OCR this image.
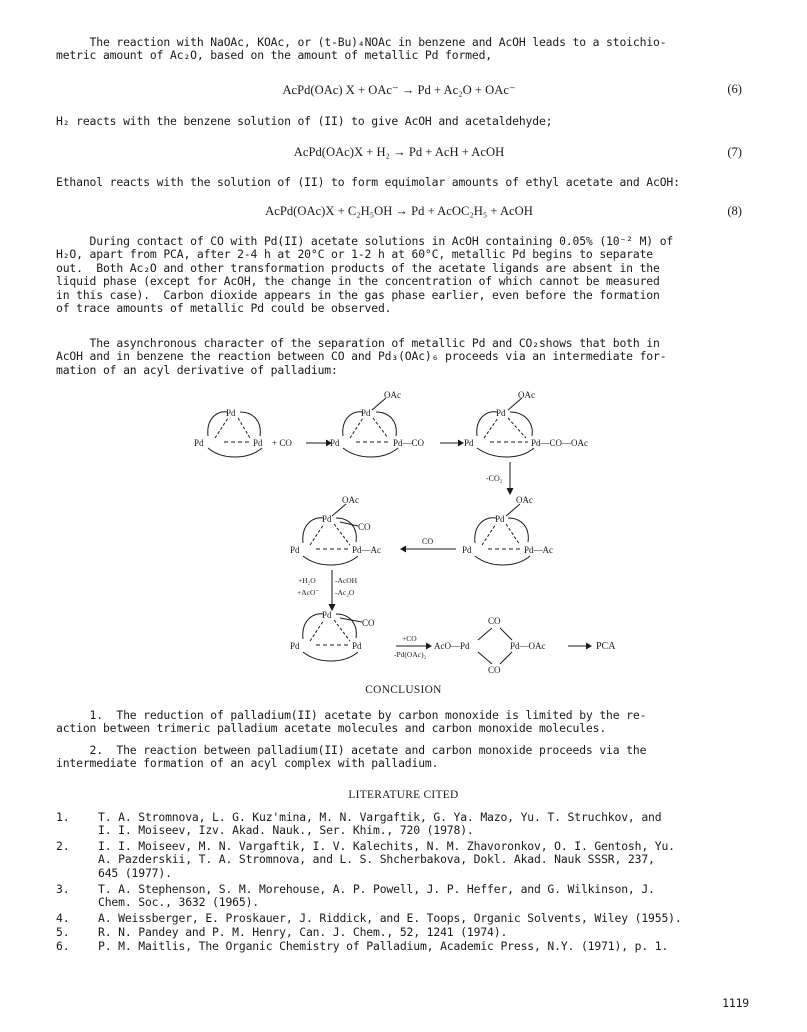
The reaction with NaOAc, KOAc, or (t-Bu)₄NOAc in benzene and AcOH leads to a stoichio-
metric amount of Ac₂O, based on the amount of metallic Pd formed,
AcPd(OAc) X + OAc⁻ → Pd + Ac₂O + OAc⁻	(6)
H₂ reacts with the benzene solution of (II) to give AcOH and acetaldehyde;
AcPd(OAc)X + H₂ → Pd + AcH + AcOH	(7)
Ethanol reacts with the solution of (II) to form equimolar amounts of ethyl acetate and AcOH:
AcPd(OAc)X + C₂H₅OH → Pd + AcOC₂H₅ + AcOH	(8)
During contact of CO with Pd(II) acetate solutions in AcOH containing 0.05% (10⁻² M) of
H₂O, apart from PCA, after 2-4 h at 20°C or 1-2 h at 60°C, metallic Pd begins to separate
out.  Both Ac₂O and other transformation products of the acetate ligands are absent in the
liquid phase (except for AcOH, the change in the concentration of which cannot be measured
in this case).  Carbon dioxide appears in the gas phase earlier, even before the formation
of trace amounts of metallic Pd could be observed.
The asynchronous character of the separation of metallic Pd and CO₂shows that both in
AcOH and in benzene the reaction between CO and Pd₃(OAc)₆ proceeds via an intermediate for-
mation of an acyl derivative of palladium:
Pd
Pd	Pd + CO
OAc
Pd
Pd	Pd—CO
OAc
Pd
Pd	Pd—CO—OAc
-CO₂
OAc
Pd
Pd	Pd—Ac
CO
OAc
CO
Pd
Pd	Pd—Ac
+H₂O	-AcOH
+AcO⁻ -Ac₂O
CO
Pd
Pd	Pd
+CO
-Pd(OAc)₂
AcO—Pd
CO
CO
Pd—OAc	PCA
CONCLUSION
1.  The reduction of palladium(II) acetate by carbon monoxide is limited by the re-
action between trimeric palladium acetate molecules and carbon monoxide molecules.
2.  The reaction between palladium(II) acetate and carbon monoxide proceeds via the
intermediate formation of an acyl complex with palladium.
LITERATURE CITED
1.	T. A. Stromnova, L. G. Kuz'mina, M. N. Vargaftik, G. Ya. Mazo, Yu. T. Struchkov, and
I. I. Moiseev, Izv. Akad. Nauk., Ser. Khim., 720 (1978).
2.	I. I. Moiseev, M. N. Vargaftik, I. V. Kalechits, N. M. Zhavoronkov, O. I. Gentosh, Yu.
A. Pazderskii, T. A. Stromnova, and L. S. Shcherbakova, Dokl. Akad. Nauk SSSR, 237,
645 (1977).
3.	T. A. Stephenson, S. M. Morehouse, A. P. Powell, J. P. Heffer, and G. Wilkinson, J.
Chem. Soc., 3632 (1965).
4.	A. Weissberger, E. Proskauer, J. Riddick, and E. Toops, Organic Solvents, Wiley (1955).
5.	R. N. Pandey and P. M. Henry, Can. J. Chem., 52, 1241 (1974).
6.	P. M. Maitlis, The Organic Chemistry of Palladium, Academic Press, N.Y. (1971), p. 1.
1119
